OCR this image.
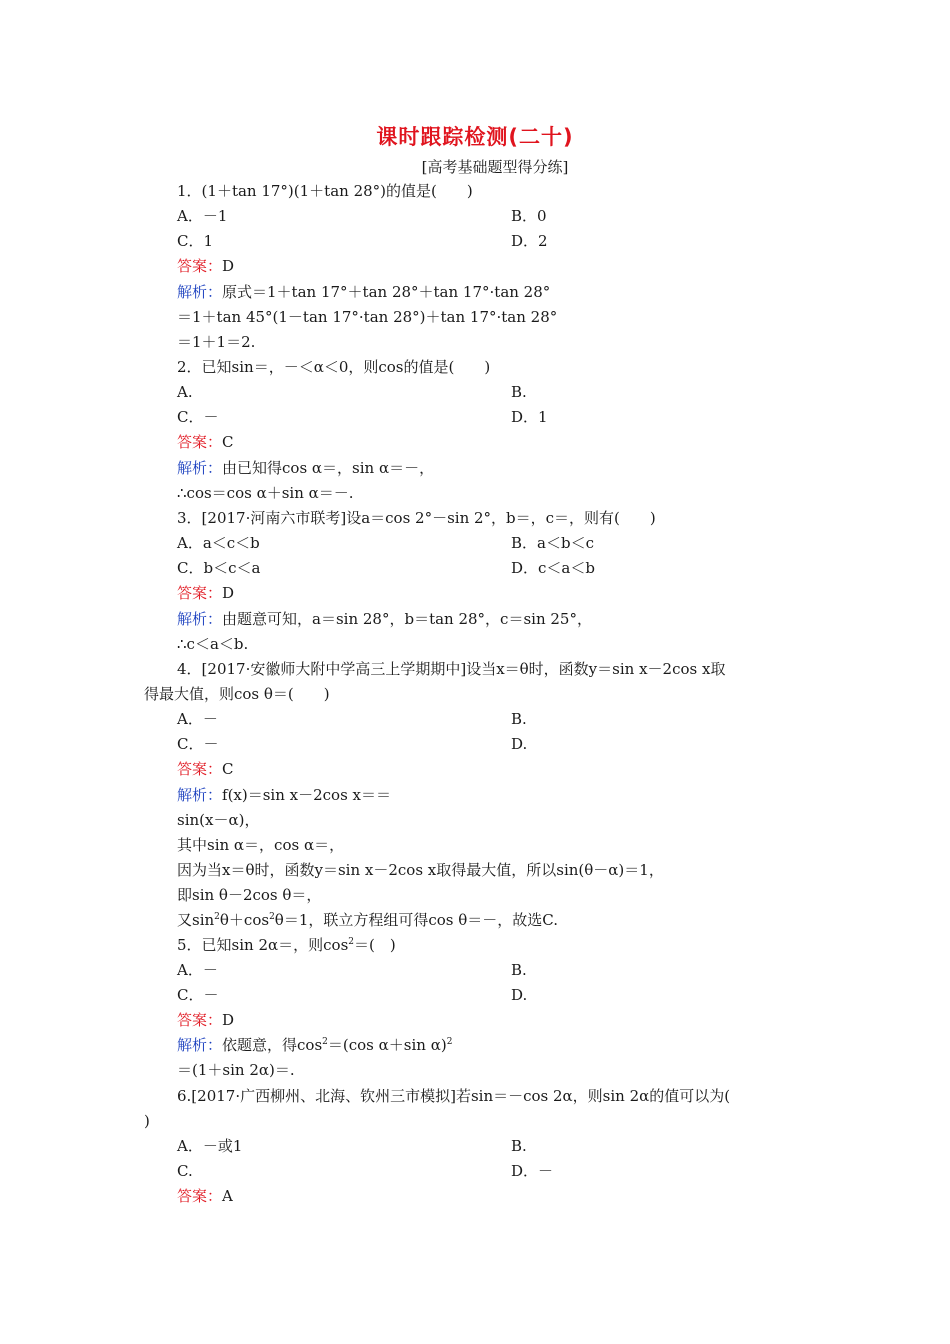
课时跟踪检测(二十)
[高考基础题型得分练]
1．(1＋tan 17°)(1＋tan 28°)的值是(　　)
A．－1	B．0
C．1	D．2
答案：D
解析：原式＝1＋tan 17°＋tan 28°＋tan 17°·tan 28°
＝1＋tan 45°(1－tan 17°·tan 28°)＋tan 17°·tan 28°
＝1＋1＝2.
2．已知sin＝，－＜α＜0，则cos的值是(　　)
A.	B.
C．－	D．1
答案：C
解析：由已知得cos α＝，sin α＝－，
∴cos＝cos α＋sin α＝－.
3．[2017·河南六市联考]设a＝cos 2°－sin 2°，b＝，c＝，则有(　　)
A．a＜c＜b	B．a＜b＜c
C．b＜c＜a	D．c＜a＜b
答案：D
解析：由题意可知，a＝sin 28°，b＝tan 28°，c＝sin 25°，
∴c＜a＜b.
4．[2017·安徽师大附中学高三上学期期中]设当x＝θ时，函数y＝sin x－2cos x取
得最大值，则cos θ＝(　　)
A．－	B.
C．－	D.
答案：C
解析：f(x)＝sin x－2cos x＝＝
sin(x－α)，
其中sin α＝，cos α＝，
因为当x＝θ时，函数y＝sin x－2cos x取得最大值，所以sin(θ－α)＝1，
即sin θ－2cos θ＝，
又$\sin^2\theta+\cos^2\theta=1$，联立方程组可得cos θ＝－，故选C.
5．已知sin 2α＝，则$\cos^2=$(　)
A．－	B.
C．－	D.
答案：D
解析：依题意，得$\cos^2=(\cos$ α＋sin α)$^2$
＝(1＋sin 2α)＝.
6.[2017·广西柳州、北海、钦州三市模拟]若sin＝－cos 2α，则sin 2α的值可以为(
)
A．－或1	B.
C.	D．－
答案：A
